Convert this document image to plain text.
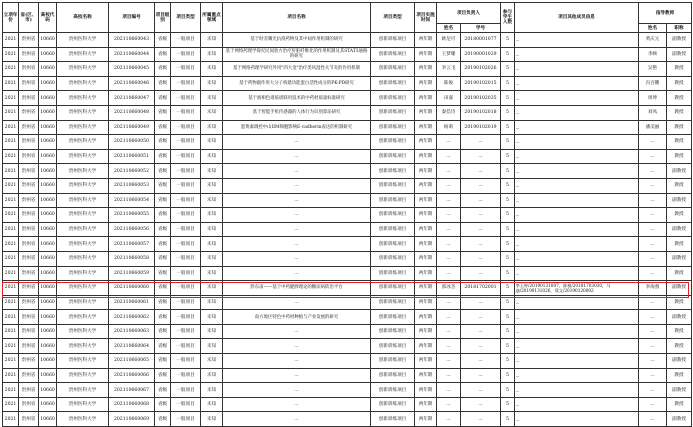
立项年份	省(区、市)	高校代码	高校名称	项目编号	项目级别	项目类型	所属重点领域	项目名称	项目类型	项目实施时间	项目负责人		参与学生人数	项目其他成员信息	指导教师	
											姓名	学号			姓名	职称
2021	贵州省	10660	贵州医科大学	202110660043	省级	一般项目	未知	基于时差耀光抗疫药物及其中间作用机制的研究	创新训练项目	两年期	欧尼可	20180001077	5	...	黄庆元	副教授
2021	贵州省	10660	贵州医科大学	202110660044	省级	一般项目	未知	基于网络药理学探究民间验方治疗肝脏纤维化的作用机制及其STAT3通路的研究	创新训练项目	两年期	王梦珊	20190001029	5	...	李顾	副教授
2021	贵州省	10660	贵州医科大学	202110660045	省级	一般项目	未知	基于网络药理学研究外用"四大金"治疗类风湿性关节炎的作用机制	创新训练项目	两年期	李云飞	20190102026	5	...	吴艳	教授
2021	贵州省	10660	贵州医科大学	202110660046	省级	一般项目	未知	基于药物副作用大分子构建功能蛋白活性成分的PK-PD研究	创新训练项目	两年期	陈俊	20190102015	5	...	冯百鹏	教授
2021	贵州省	10660	贵州医科大学	202110660047	省级	一般项目	未知	基于液相色谱质谱联用技术的中药材质量标准研究	创新训练项目	两年期	田嘉	20190102035	5	...	周坤	教授
2021	贵州省	10660	贵州医科大学	202110660048	省级	一般项目	未知	基于智能手机传感器的人体行为识别算法研究	创新训练项目	两年期	秦佳诗	20190102018	5	...	刘凤	教授
2021	贵州省	10660	贵州医科大学	202110660049	省级	一般项目	未知	蛋黄素调控中山IIM细胞影响E-cadherin表达的机制研究	创新训练项目	两年期	杨萌	20190102019	5	...	潘美丽	教授
2021	贵州省	10660	贵州医科大学	202110660050	省级	一般项目	未知	...	创新训练项目	两年期	...	...	5	...	...	教授
2021	贵州省	10660	贵州医科大学	202110660051	省级	一般项目	未知	...	创新训练项目	两年期	...	...	5	...	...	教授
2021	贵州省	10660	贵州医科大学	202110660052	省级	一般项目	未知	...	创新训练项目	两年期	...	...	5	...	...	副教授
2021	贵州省	10660	贵州医科大学	202110660053	省级	一般项目	未知	...	创新训练项目	两年期	...	...	5	...	...	教授
2021	贵州省	10660	贵州医科大学	202110660054	省级	一般项目	未知	...	创新训练项目	两年期	...	...	5	...	...	副教授
2021	贵州省	10660	贵州医科大学	202110660055	省级	一般项目	未知	...	创新训练项目	两年期	...	...	5	...	...	教授
2021	贵州省	10660	贵州医科大学	202110660056	省级	一般项目	未知	...	创新训练项目	两年期	...	...	5	...	...	副教授
2021	贵州省	10660	贵州医科大学	202110660057	省级	一般项目	未知	...	创新训练项目	两年期	...	...	5	...	...	教授
2021	贵州省	10660	贵州医科大学	202110660058	省级	一般项目	未知	...	创新训练项目	两年期	...	...	5	...	...	副教授
2021	贵州省	10660	贵州医科大学	202110660059	省级	一般项目	未知	...	创新训练项目	两年期	...	...	5	...	...	教授
2021	贵州省	10660	贵州医科大学	202110660060	省级	一般项目	未知	黔东南——基于中药健脾理论的糖尿病防治平台	创新训练项目	两年期	郭冰杰	20181702001	5	李玉婷/20190131007，陈雅/20181703030，马迪/20190131026，郑文/20190120002	李海燕	副教授
2021	贵州省	10660	贵州医科大学	202110660061	省级	一般项目	未知	...	创新训练项目	两年期	...	...	5	...	...	教授
2021	贵州省	10660	贵州医科大学	202110660062	省级	一般项目	未知	南方地区特色中药材种植与产业发展的研究	创新训练项目	两年期	...	...	5	...	...	副教授
2021	贵州省	10660	贵州医科大学	202110660063	省级	一般项目	未知	...	创新训练项目	两年期	...	...	5	...	...	教授
2021	贵州省	10660	贵州医科大学	202110660064	省级	一般项目	未知	...	创新训练项目	两年期	...	...	5	...	...	教授
2021	贵州省	10660	贵州医科大学	202110660065	省级	一般项目	未知	...	创新训练项目	两年期	...	...	5	...	...	副教授
2021	贵州省	10660	贵州医科大学	202110660066	省级	一般项目	未知	...	创新训练项目	两年期	...	...	5	...	...	教授
2021	贵州省	10660	贵州医科大学	202110660067	省级	一般项目	未知	...	创新训练项目	两年期	...	...	5	...	...	副教授
2021	贵州省	10660	贵州医科大学	202110660068	省级	一般项目	未知	...	创新训练项目	两年期	...	...	5	...	...	教授
2021	贵州省	10660	贵州医科大学	202110660069	省级	一般项目	未知	...	创新训练项目	两年期	...	...	5	...	...	副教授
